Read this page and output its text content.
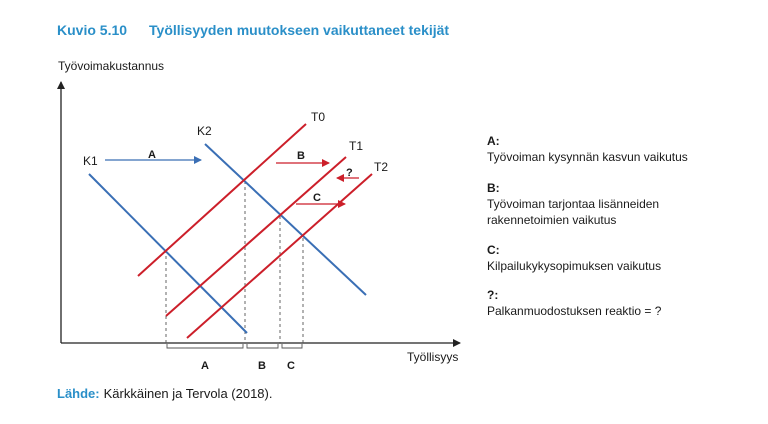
Kuvio 5.10 Työllisyyden muutokseen vaikuttaneet tekijät
Työvoimakustannus
Työllisyys
K1
K2
T0
T1
T2
A	B
?
C
A	B C
A:
Työvoiman kysynnän kasvun vaikutus
B:
Työvoiman tarjontaa lisänneiden rakennetoimien vaikutus
C:
Kilpailukykysopimuksen vaikutus
?:
Palkanmuodostuksen reaktio = ?
Lähde: Kärkkäinen ja Tervola (2018).
